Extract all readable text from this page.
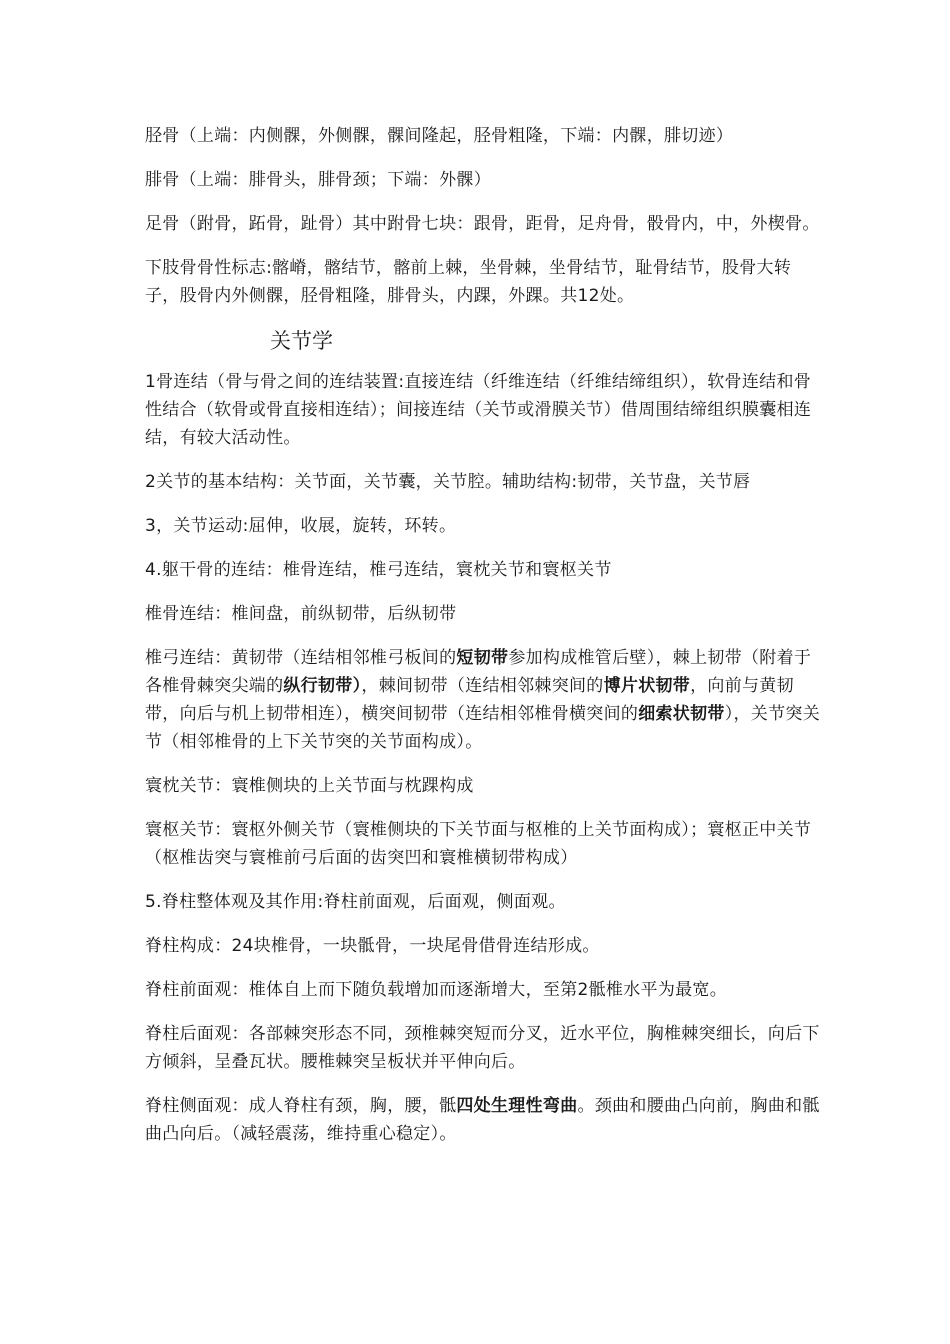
胫骨（上端：内侧髁，外侧髁，髁间隆起，胫骨粗隆，下端：内髁，腓切迹）

腓骨（上端：腓骨头，腓骨颈；下端：外髁）

足骨（跗骨，跖骨，趾骨）其中跗骨七块：跟骨，距骨，足舟骨，骰骨内，中，外楔骨。

下肢骨骨性标志:髂嵴，髂结节，髂前上棘，坐骨棘，坐骨结节，耻骨结节，股骨大转子，股骨内外侧髁，胫骨粗隆，腓骨头，内踝，外踝。共12处。

关节学

1骨连结（骨与骨之间的连结装置:直接连结（纤维连结（纤维结缔组织），软骨连结和骨性结合（软骨或骨直接相连结）；间接连结（关节或滑膜关节）借周围结缔组织膜囊相连结，有较大活动性。

2关节的基本结构：关节面，关节囊，关节腔。辅助结构:韧带，关节盘，关节唇

3，关节运动:屈伸，收展，旋转，环转。

4.躯干骨的连结：椎骨连结，椎弓连结，寰枕关节和寰枢关节

椎骨连结：椎间盘，前纵韧带，后纵韧带

椎弓连结：黄韧带（连结相邻椎弓板间的短韧带参加构成椎管后壁），棘上韧带（附着于各椎骨棘突尖端的纵行韧带），棘间韧带（连结相邻棘突间的博片状韧带，向前与黄韧带，向后与机上韧带相连），横突间韧带（连结相邻椎骨横突间的细索状韧带），关节突关节（相邻椎骨的上下关节突的关节面构成）。

寰枕关节：寰椎侧块的上关节面与枕踝构成

寰枢关节：寰枢外侧关节（寰椎侧块的下关节面与枢椎的上关节面构成）；寰枢正中关节（枢椎齿突与寰椎前弓后面的齿突凹和寰椎横韧带构成）

5.脊柱整体观及其作用:脊柱前面观，后面观，侧面观。

脊柱构成：24块椎骨，一块骶骨，一块尾骨借骨连结形成。

脊柱前面观：椎体自上而下随负载增加而逐渐增大，至第2骶椎水平为最宽。

脊柱后面观：各部棘突形态不同，颈椎棘突短而分叉，近水平位，胸椎棘突细长，向后下方倾斜，呈叠瓦状。腰椎棘突呈板状并平伸向后。

脊柱侧面观：成人脊柱有颈，胸，腰，骶四处生理性弯曲。颈曲和腰曲凸向前，胸曲和骶曲凸向后。（减轻震荡，维持重心稳定）。
